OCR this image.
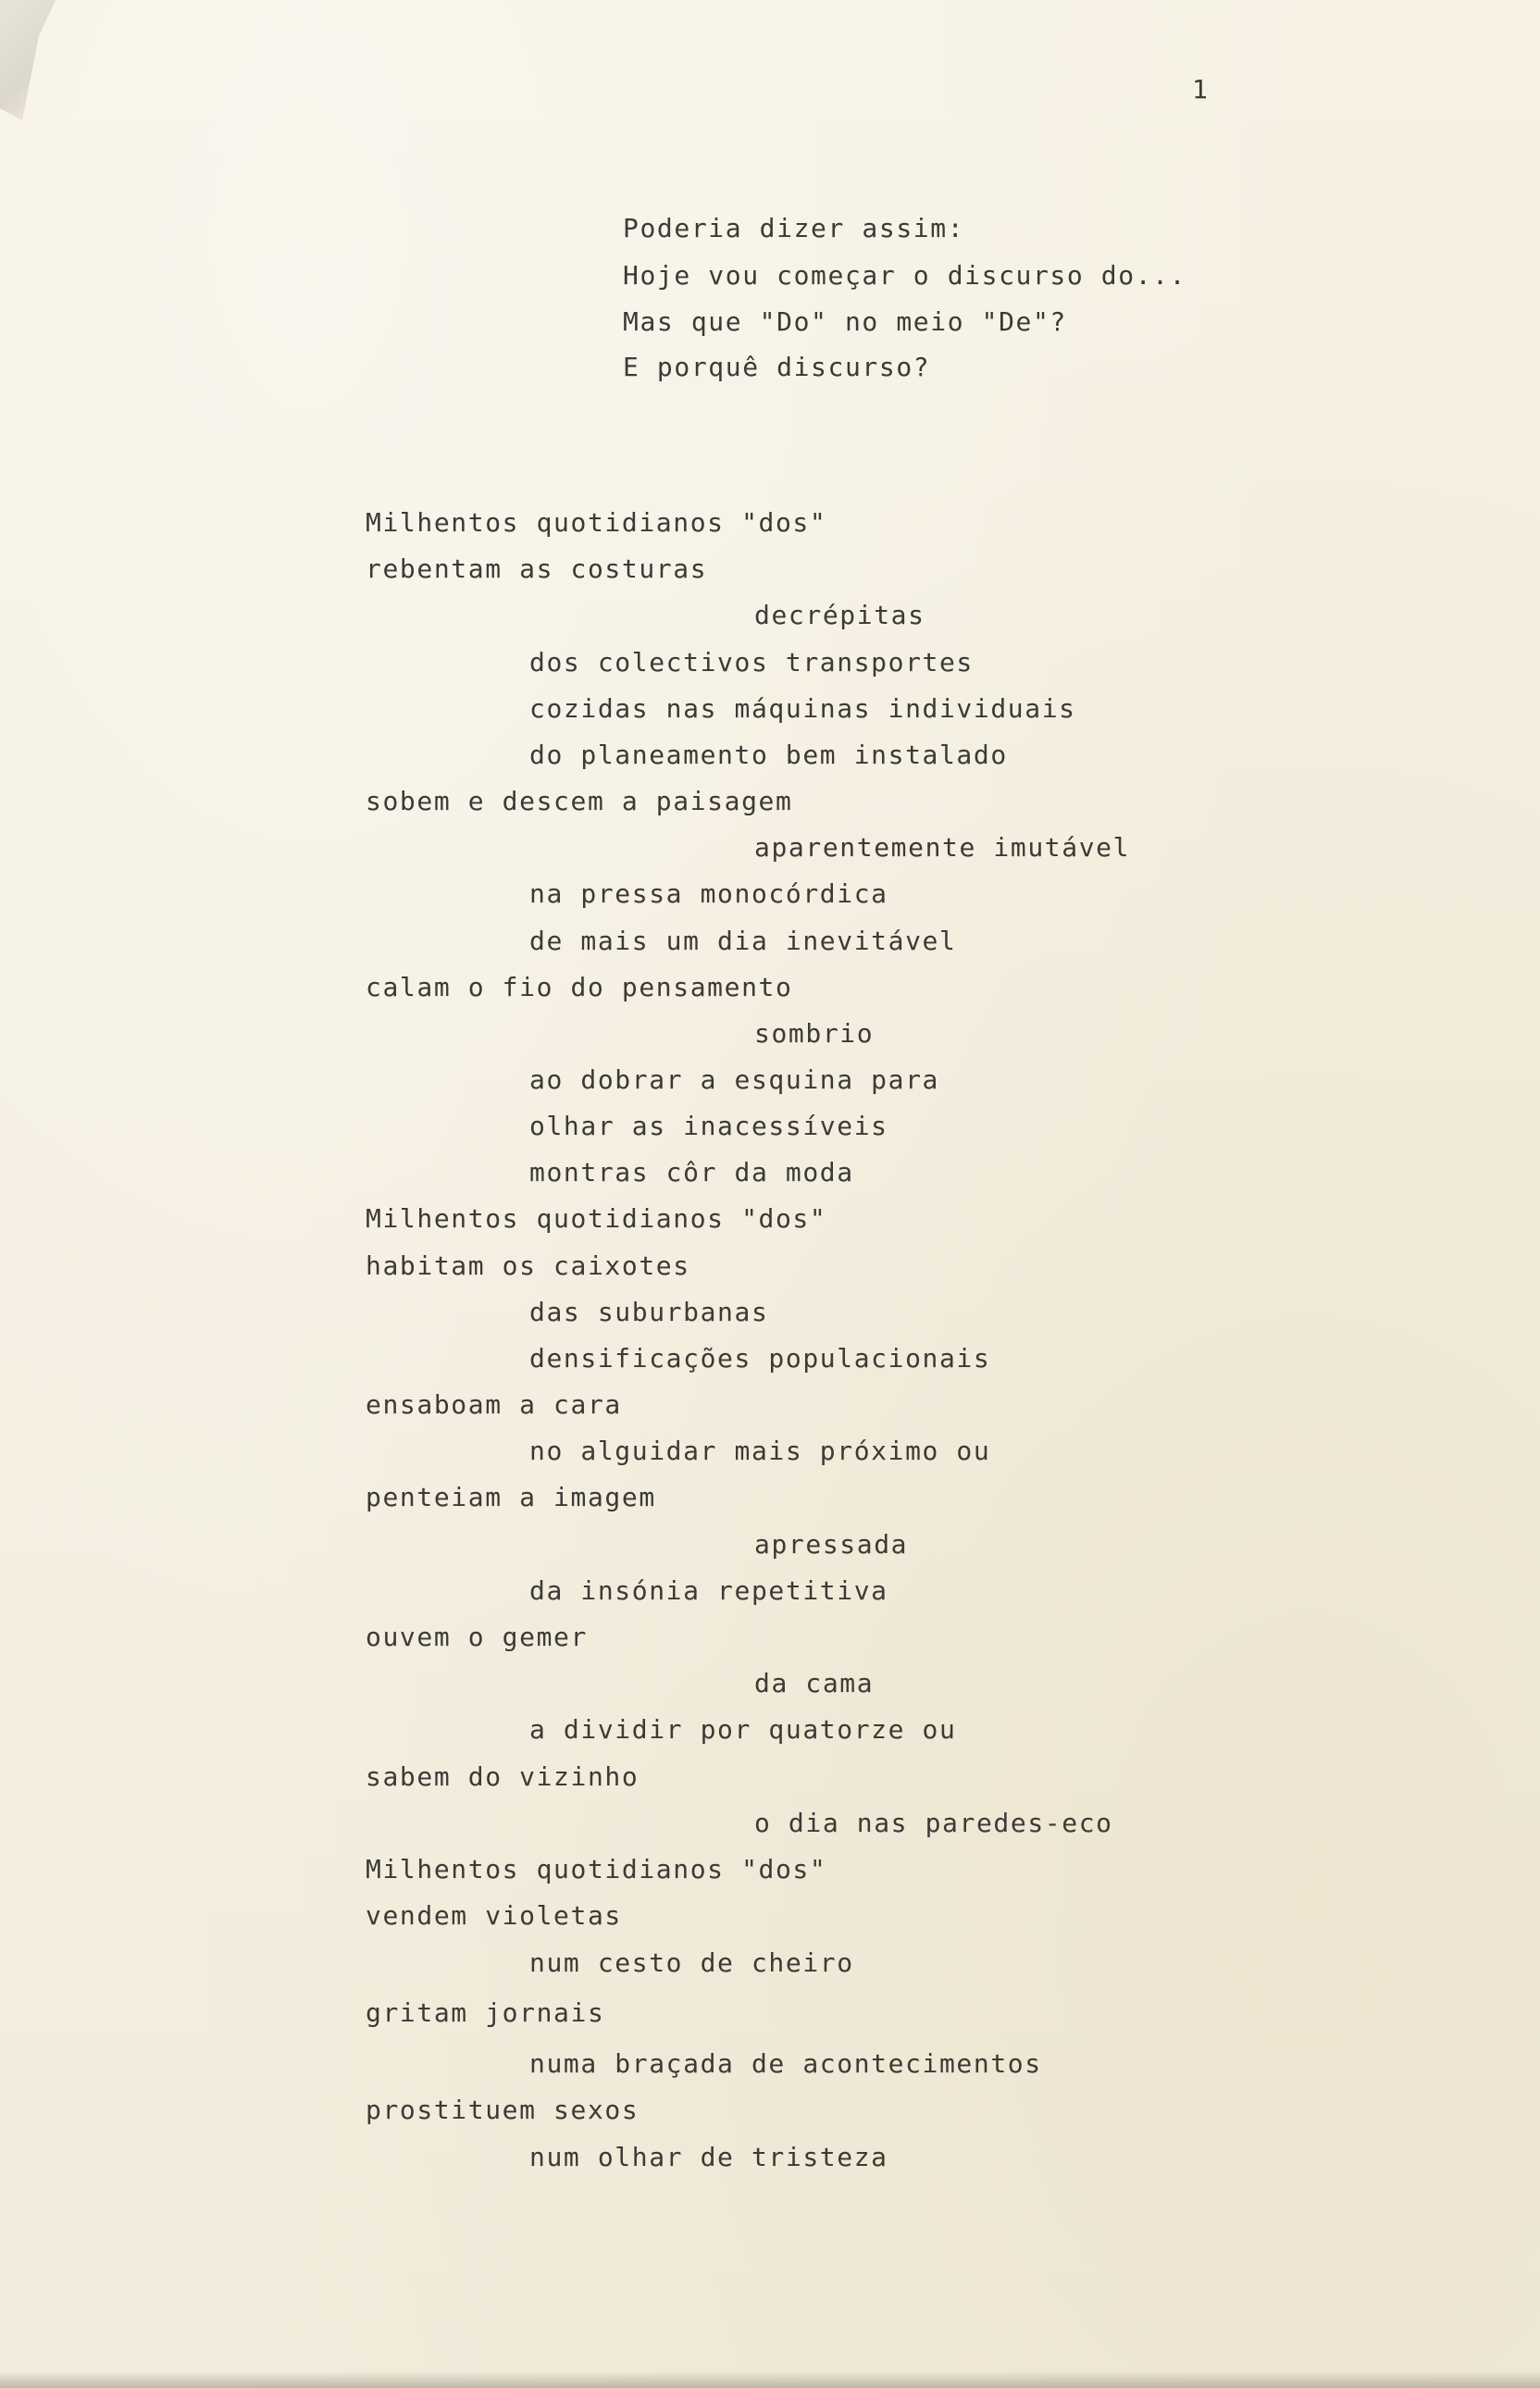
1
Poderia dizer assim:
Hoje vou começar o discurso do...
Mas que "Do" no meio "De"?
E porquê discurso?
Milhentos quotidianos "dos"
rebentam as costuras
decrépitas
dos colectivos transportes
cozidas nas máquinas individuais
do planeamento bem instalado
sobem e descem a paisagem
aparentemente imutável
na pressa monocórdica
de mais um dia inevitável
calam o fio do pensamento
sombrio
ao dobrar a esquina para
olhar as inacessíveis
montras côr da moda
Milhentos quotidianos "dos"
habitam os caixotes
das suburbanas
densificações populacionais
ensaboam a cara
no alguidar mais próximo ou
penteiam a imagem
apressada
da insónia repetitiva
ouvem o gemer
da cama
a dividir por quatorze ou
sabem do vizinho
o dia nas paredes-eco
Milhentos quotidianos "dos"
vendem violetas
num cesto de cheiro
gritam jornais
numa braçada de acontecimentos
prostituem sexos
num olhar de tristeza
